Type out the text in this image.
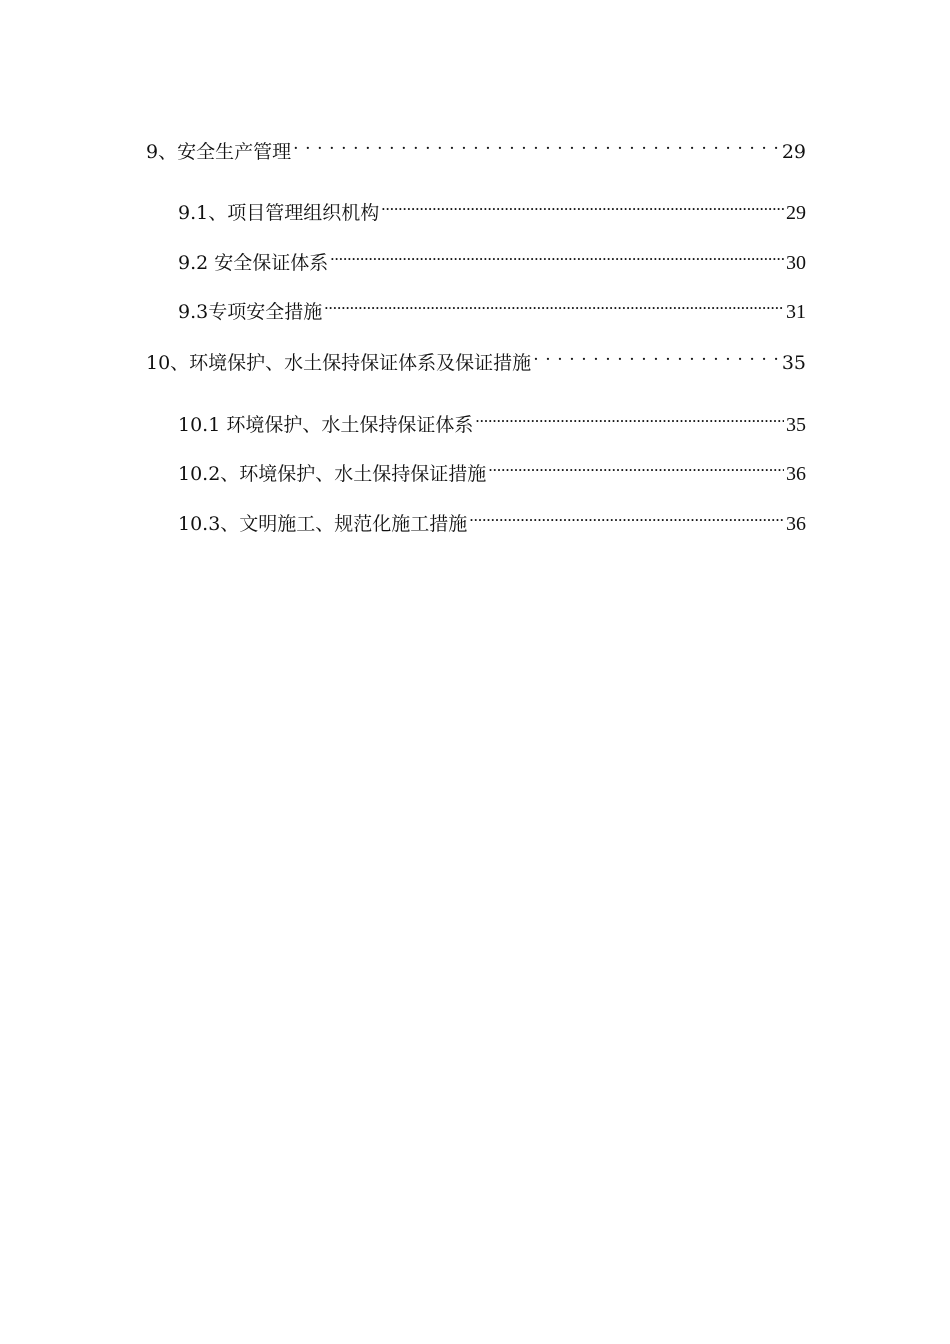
9、安全生产管理 . . .	29
9.1、项目管理组织机构 .....	29
9.2 安全保证体系 .....	30
9.3专项安全措施 .....	31
10、环境保护、水土保持保证体系及保证措施 . . .	35
10.1 环境保护、水土保持保证体系 .....	35
10.2、环境保护、水土保持保证措施 .....	36
10.3、文明施工、规范化施工措施 .....	36
